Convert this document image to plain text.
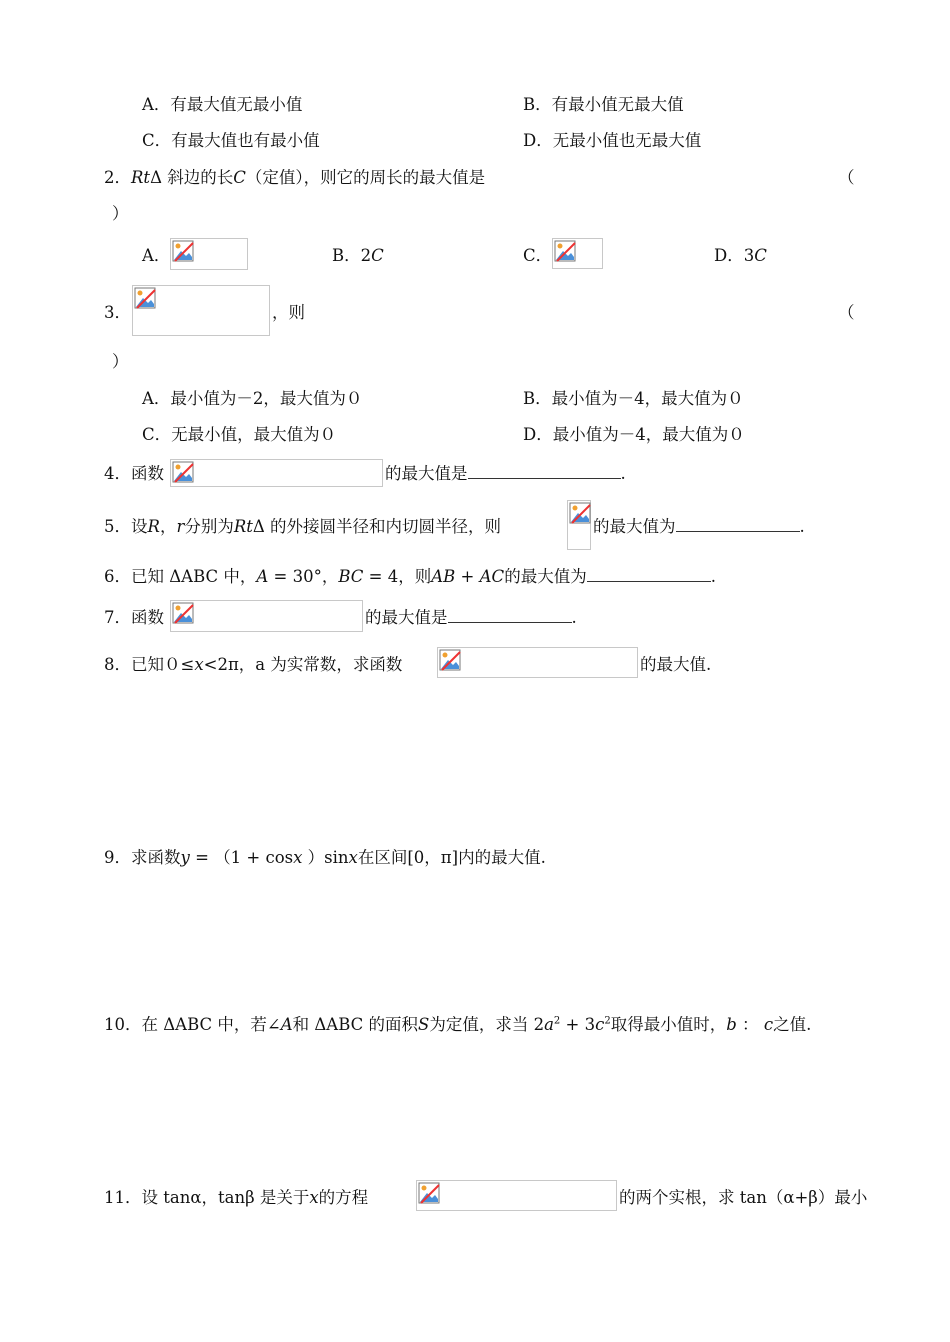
A．有最大值无最小值	B．有最小值无最大值
C．有最大值也有最小值	D．无最小值也无最大值
2．RtΔ 斜边的长C（定值），则它的周长的最大值是	（
）
A．	B．2C	C．	D．3C
3．	，则	（
）
A．最小值为－2，最大值为０	B．最小值为－4，最大值为０
C．无最小值，最大值为０	D．最小值为－4，最大值为０
4．函数	的最大值是	.
5．设R，r分别为RtΔ 的外接圆半径和内切圆半径，则	的最大值为	.
6．已知 ΔABC 中，A = 30°，BC = 4，则AB + AC的最大值为	.
7．函数	的最大值是	.
8．已知０≤x<2π，a 为实常数，求函数	的最大值.
9．求函数y = （1 + cosx ）sinx在区间[0，π]内的最大值.
10．在 ΔABC 中，若∠A和 ΔABC 的面积S为定值，求当 $2a^2 + 3c^2$取得最小值时，b ： c之值.
11．设 tanα，tanβ 是关于x的方程	的两个实根，求 tan（α+β）最小
